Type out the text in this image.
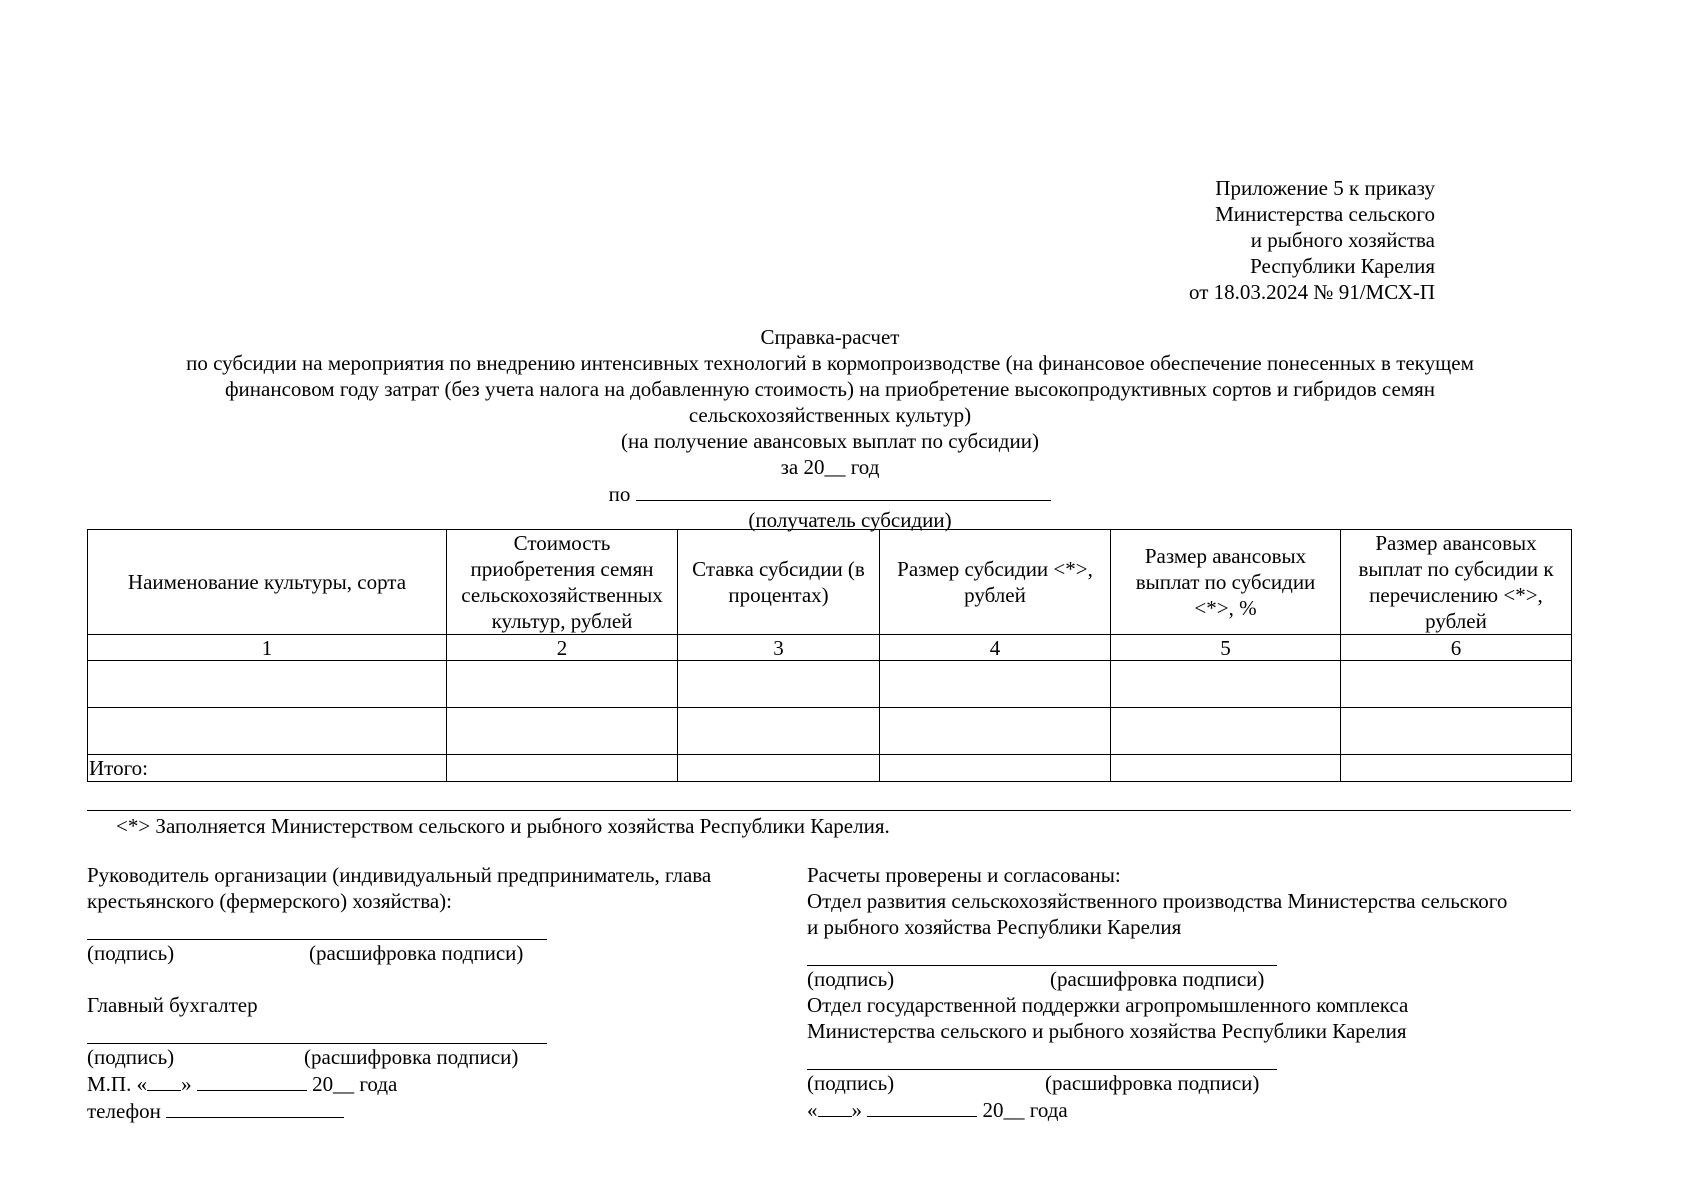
Приложение 5 к приказу
Министерства сельского
и рыбного хозяйства
Республики Карелия
от 18.03.2024 № 91/МСХ-П
Справка-расчет
по субсидии на мероприятия по внедрению интенсивных технологий в кормопроизводстве (на финансовое обеспечение понесенных в текущем
финансовом году затрат (без учета налога на добавленную стоимость) на приобретение высокопродуктивных сортов и гибридов семян
сельскохозяйственных культур)
(на получение авансовых выплат по субсидии)
за 20__ год
по
(получатель субсидии)
Наименование культуры, сорта	Стоимость приобретения семян сельскохозяйственных культур, рублей	Ставка субсидии (в процентах)	Размер субсидии <*>, рублей	Размер авансовых выплат по субсидии <*>, %	Размер авансовых выплат по субсидии к перечислению <*>, рублей
1	2	3	4	5	6

Итого:					
<*> Заполняется Министерством сельского и рыбного хозяйства Республики Карелия.
Руководитель организации (индивидуальный предприниматель, глава
крестьянского (фермерского) хозяйства):
(подпись)	(расшифровка подписи)
Главный бухгалтер
(подпись)	(расшифровка подписи)
М.П. « »	20__ года
телефон
Расчеты проверены и согласованы:
Отдел развития сельскохозяйственного производства Министерства сельского
и рыбного хозяйства Республики Карелия
(подпись)	(расшифровка подписи)
Отдел государственной поддержки агропромышленного комплекса
Министерства сельского и рыбного хозяйства Республики Карелия
(подпись)	(расшифровка подписи)
« »	20__ года
